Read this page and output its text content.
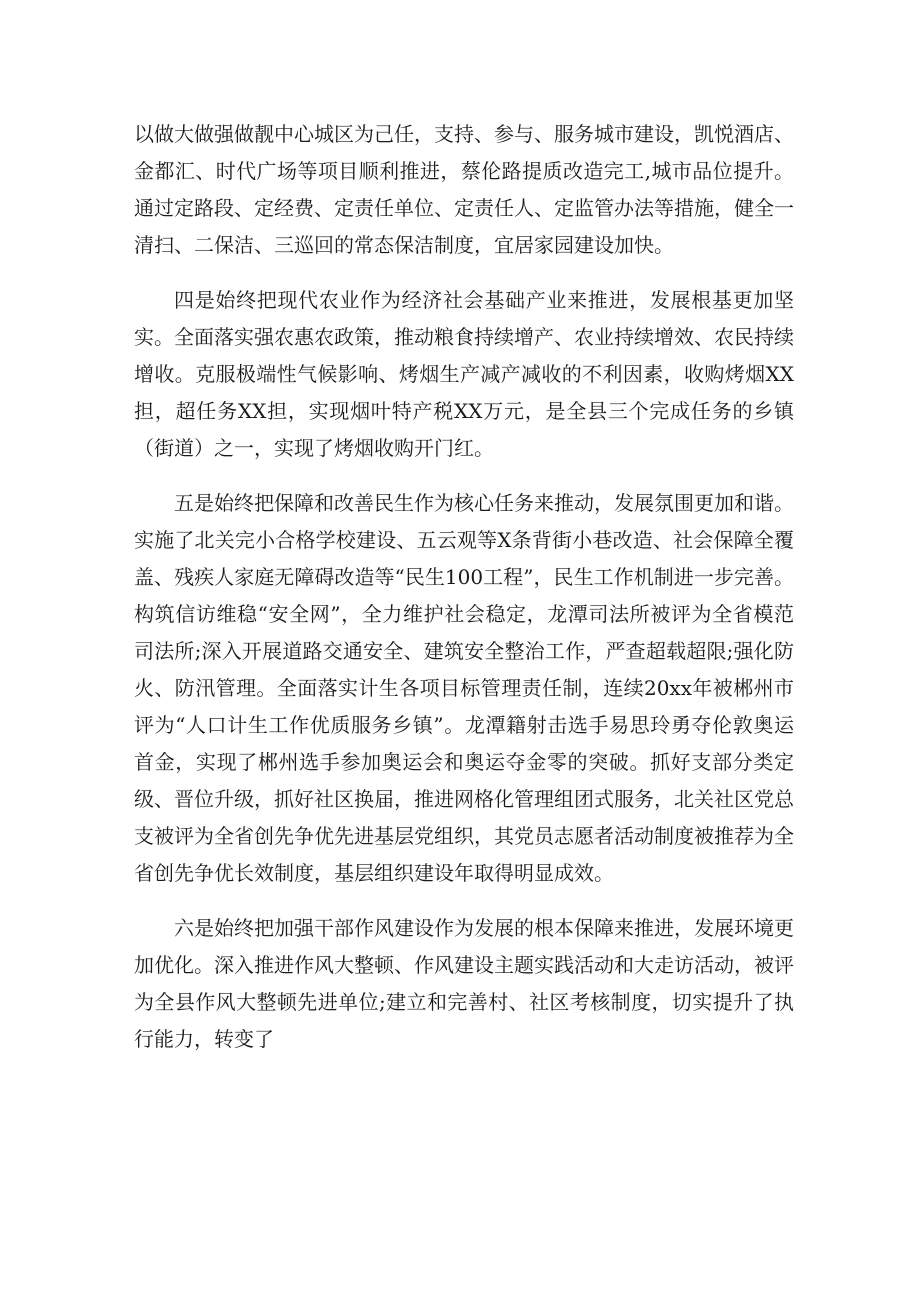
以做大做强做靓中心城区为己任，支持、参与、服务城市建设，凯悦酒店、金都汇、时代广场等项目顺利推进，蔡伦路提质改造完工,城市品位提升。通过定路段、定经费、定责任单位、定责任人、定监管办法等措施，健全一清扫、二保洁、三巡回的常态保洁制度，宜居家园建设加快。

四是始终把现代农业作为经济社会基础产业来推进，发展根基更加坚实。全面落实强农惠农政策，推动粮食持续增产、农业持续增效、农民持续增收。克服极端性气候影响、烤烟生产减产减收的不利因素，收购烤烟XX担，超任务XX担，实现烟叶特产税XX万元，是全县三个完成任务的乡镇（街道）之一，实现了烤烟收购开门红。

五是始终把保障和改善民生作为核心任务来推动，发展氛围更加和谐。实施了北关完小合格学校建设、五云观等X条背街小巷改造、社会保障全覆盖、残疾人家庭无障碍改造等“民生100工程”，民生工作机制进一步完善。构筑信访维稳“安全网”，全力维护社会稳定，龙潭司法所被评为全省模范司法所;深入开展道路交通安全、建筑安全整治工作，严查超载超限;强化防火、防汛管理。全面落实计生各项目标管理责任制，连续20xx年被郴州市评为“人口计生工作优质服务乡镇”。龙潭籍射击选手易思玲勇夺伦敦奥运首金，实现了郴州选手参加奥运会和奥运夺金零的突破。抓好支部分类定级、晋位升级，抓好社区换届，推进网格化管理组团式服务，北关社区党总支被评为全省创先争优先进基层党组织，其党员志愿者活动制度被推荐为全省创先争优长效制度，基层组织建设年取得明显成效。

六是始终把加强干部作风建设作为发展的根本保障来推进，发展环境更加优化。深入推进作风大整顿、作风建设主题实践活动和大走访活动，被评为全县作风大整顿先进单位;建立和完善村、社区考核制度，切实提升了执行能力，转变了
